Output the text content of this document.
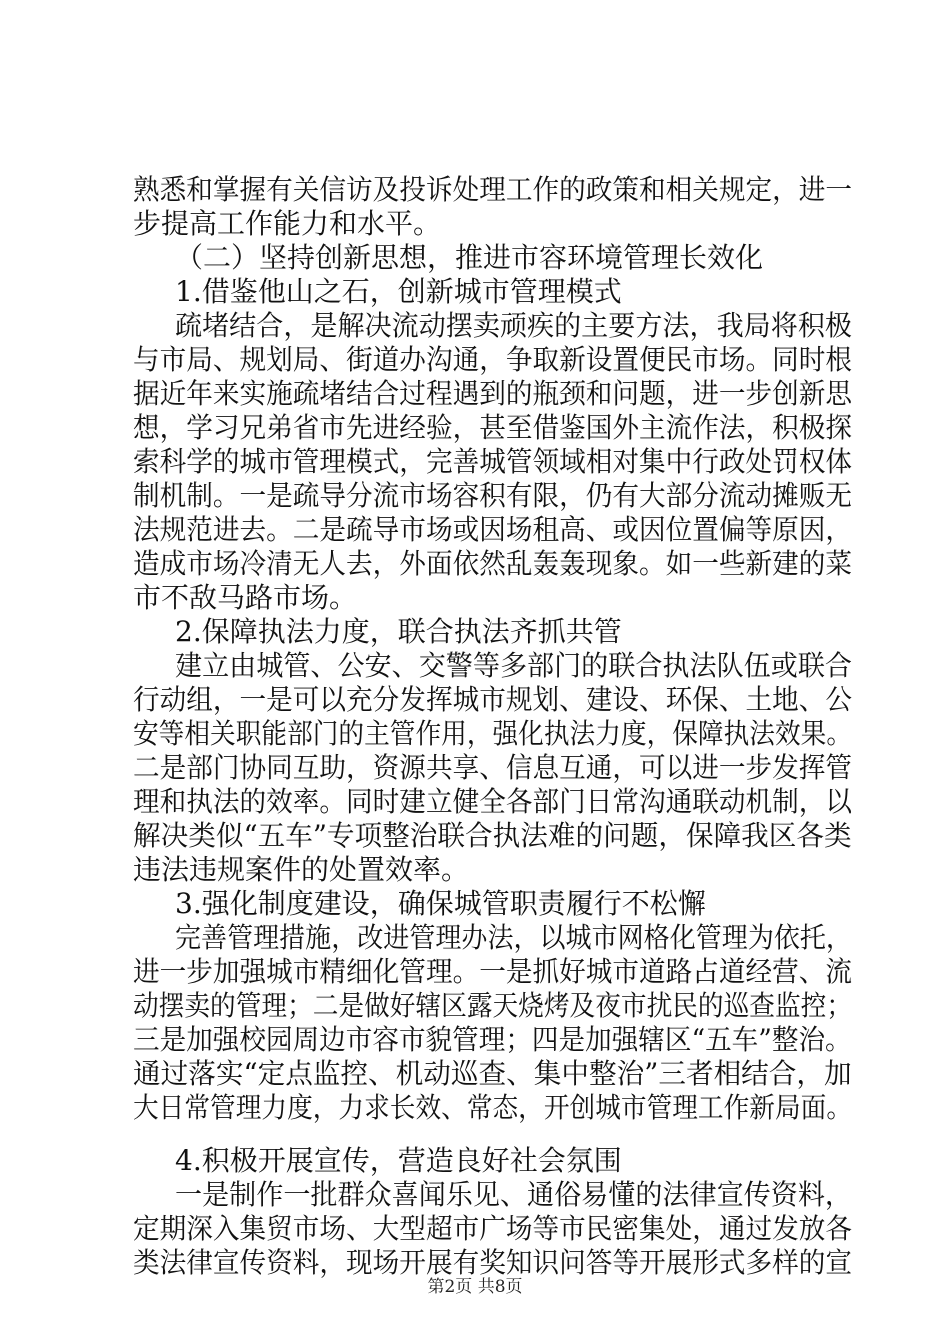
熟悉和掌握有关信访及投诉处理工作的政策和相关规定，进一
步提高工作能力和水平。
（二）坚持创新思想，推进市容环境管理长效化
1.借鉴他山之石，创新城市管理模式
疏堵结合，是解决流动摆卖顽疾的主要方法，我局将积极
与市局、规划局、街道办沟通，争取新设置便民市场。同时根
据近年来实施疏堵结合过程遇到的瓶颈和问题，进一步创新思
想，学习兄弟省市先进经验，甚至借鉴国外主流作法，积极探
索科学的城市管理模式，完善城管领域相对集中行政处罚权体
制机制。一是疏导分流市场容积有限，仍有大部分流动摊贩无
法规范进去。二是疏导市场或因场租高、或因位置偏等原因，
造成市场冷清无人去，外面依然乱轰轰现象。如一些新建的菜
市不敌马路市场。
2.保障执法力度，联合执法齐抓共管
建立由城管、公安、交警等多部门的联合执法队伍或联合
行动组，一是可以充分发挥城市规划、建设、环保、土地、公
安等相关职能部门的主管作用，强化执法力度，保障执法效果。
二是部门协同互助，资源共享、信息互通，可以进一步发挥管
理和执法的效率。同时建立健全各部门日常沟通联动机制，以
解决类似“五车”专项整治联合执法难的问题，保障我区各类
违法违规案件的处置效率。
3.强化制度建设，确保城管职责履行不松懈
完善管理措施，改进管理办法，以城市网格化管理为依托，
进一步加强城市精细化管理。一是抓好城市道路占道经营、流
动摆卖的管理；二是做好辖区露天烧烤及夜市扰民的巡查监控；
三是加强校园周边市容市貌管理；四是加强辖区“五车”整治。
通过落实“定点监控、机动巡查、集中整治”三者相结合，加
大日常管理力度，力求长效、常态，开创城市管理工作新局面。
4.积极开展宣传，营造良好社会氛围
一是制作一批群众喜闻乐见、通俗易懂的法律宣传资料，
定期深入集贸市场、大型超市广场等市民密集处，通过发放各
类法律宣传资料，现场开展有奖知识问答等开展形式多样的宣
第2页 共8页
